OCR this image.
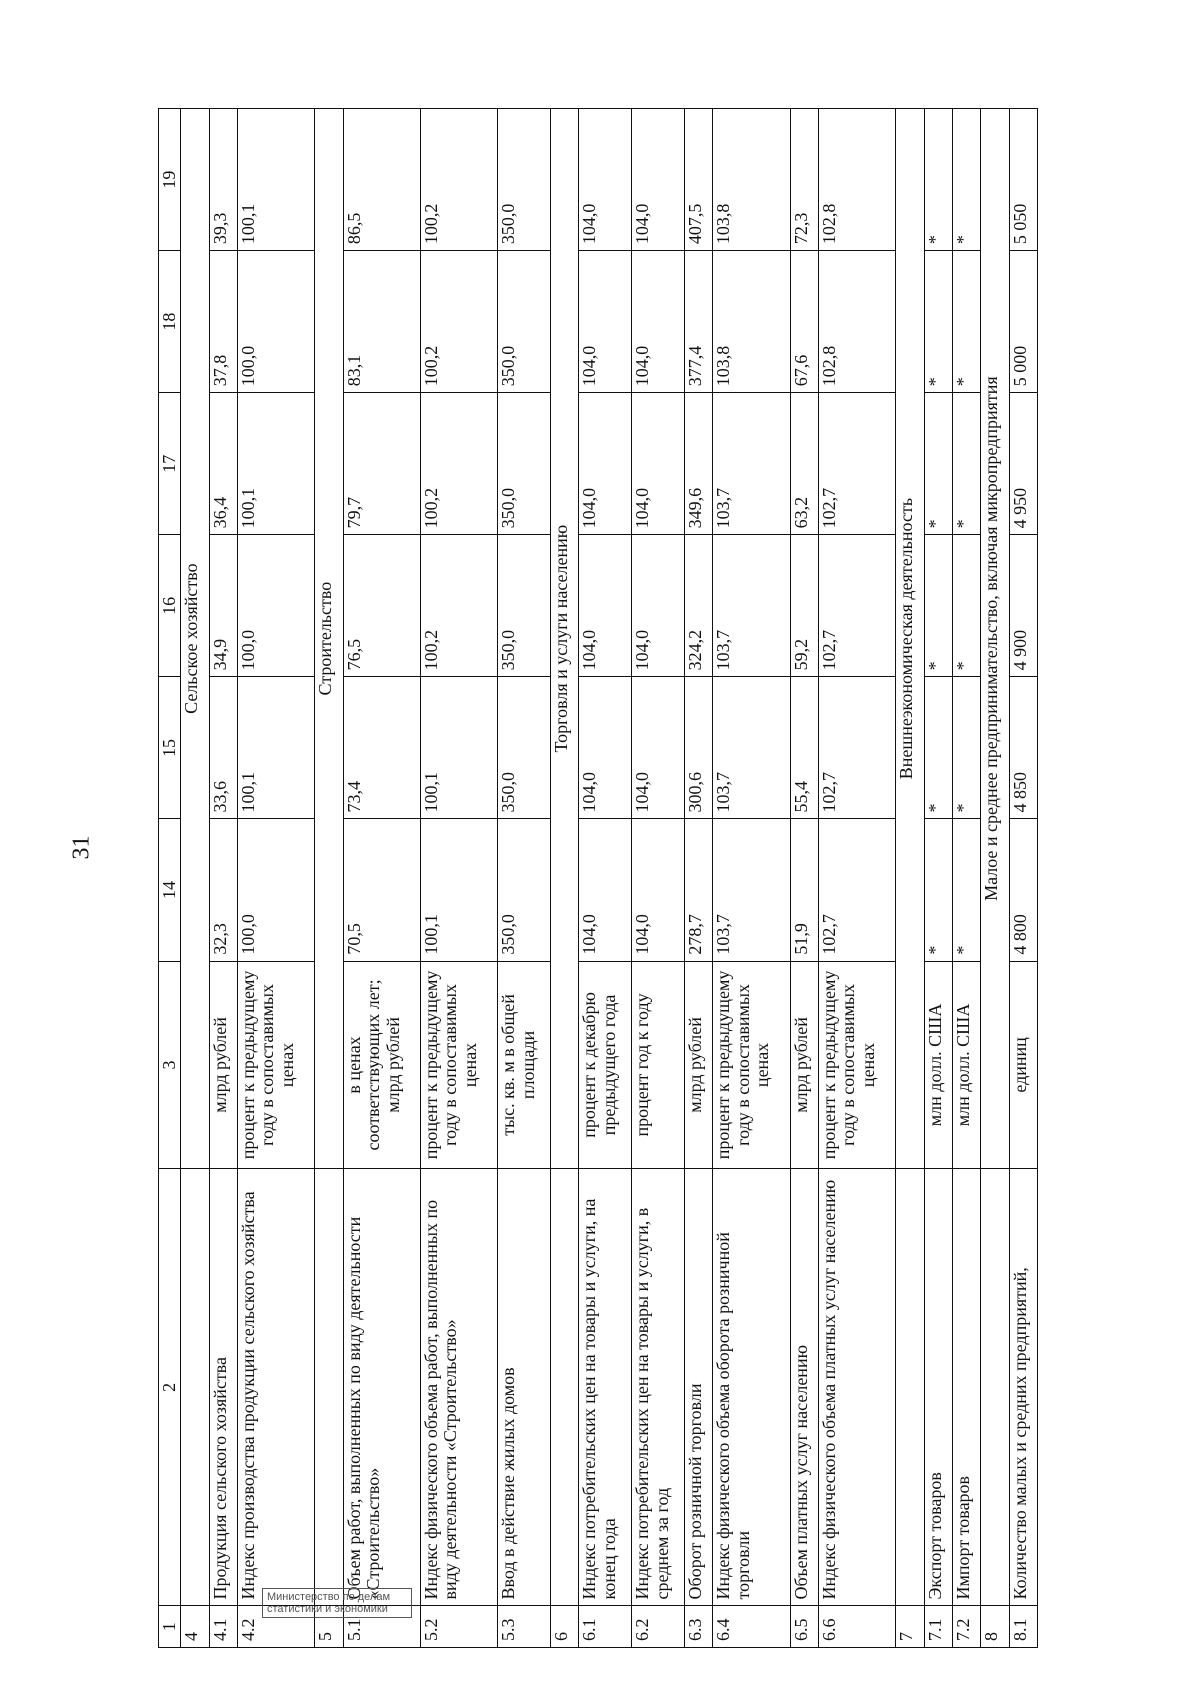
31
1	2	3	14	15	16	17	18	19
4		Сельское хозяйство						
4.1	Продукция сельского хозяйства	млрд рублей	32,3	33,6	34,9	36,4	37,8	39,3
4.2	Индекс производства продукции сельского хозяйства	процент к предыдущему году в сопоставимых ценах	100,0	100,1	100,0	100,1	100,0	100,1
5		Строительство						
5.1	Объем работ, выполненных по виду деятельности «Строительство»	в ценах соответствующих лет; млрд рублей	70,5	73,4	76,5	79,7	83,1	86,5
5.2	Индекс физического объема работ, выполненных по виду деятельности «Строительство»	процент к предыдущему году в сопоставимых ценах	100,1	100,1	100,2	100,2	100,2	100,2
5.3	Ввод в действие жилых домов	тыс. кв. м в общей площади	350,0	350,0	350,0	350,0	350,0	350,0
6		Торговля и услуги населению						
6.1	Индекс потребительских цен на товары и услуги, на конец года	процент к декабрю предыдущего года	104,0	104,0	104,0	104,0	104,0	104,0
6.2	Индекс потребительских цен на товары и услуги, в среднем за год	процент год к году	104,0	104,0	104,0	104,0	104,0	104,0
6.3	Оборот розничной торговли	млрд рублей	278,7	300,6	324,2	349,6	377,4	407,5
6.4	Индекс физического объема оборота розничной торговли	процент к предыдущему году в сопоставимых ценах	103,7	103,7	103,7	103,7	103,8	103,8
6.5	Объем платных услуг населению	млрд рублей	51,9	55,4	59,2	63,2	67,6	72,3
6.6	Индекс физического объема платных услуг населению	процент к предыдущему году в сопоставимых ценах	102,7	102,7	102,7	102,7	102,8	102,8
7		Внешнеэкономическая деятельность						
7.1	Экспорт товаров	млн долл. США	*	*	*	*	*	*
7.2	Импорт товаров	млн долл. США	*	*	*	*	*	*
8		Малое и среднее предпринимательство, включая микропредприятия						
8.1	Количество малых и средних предприятий,	единиц	4 800	4 850	4 900	4 950	5 000	5 050
Министерство по делам статистики и экономики
